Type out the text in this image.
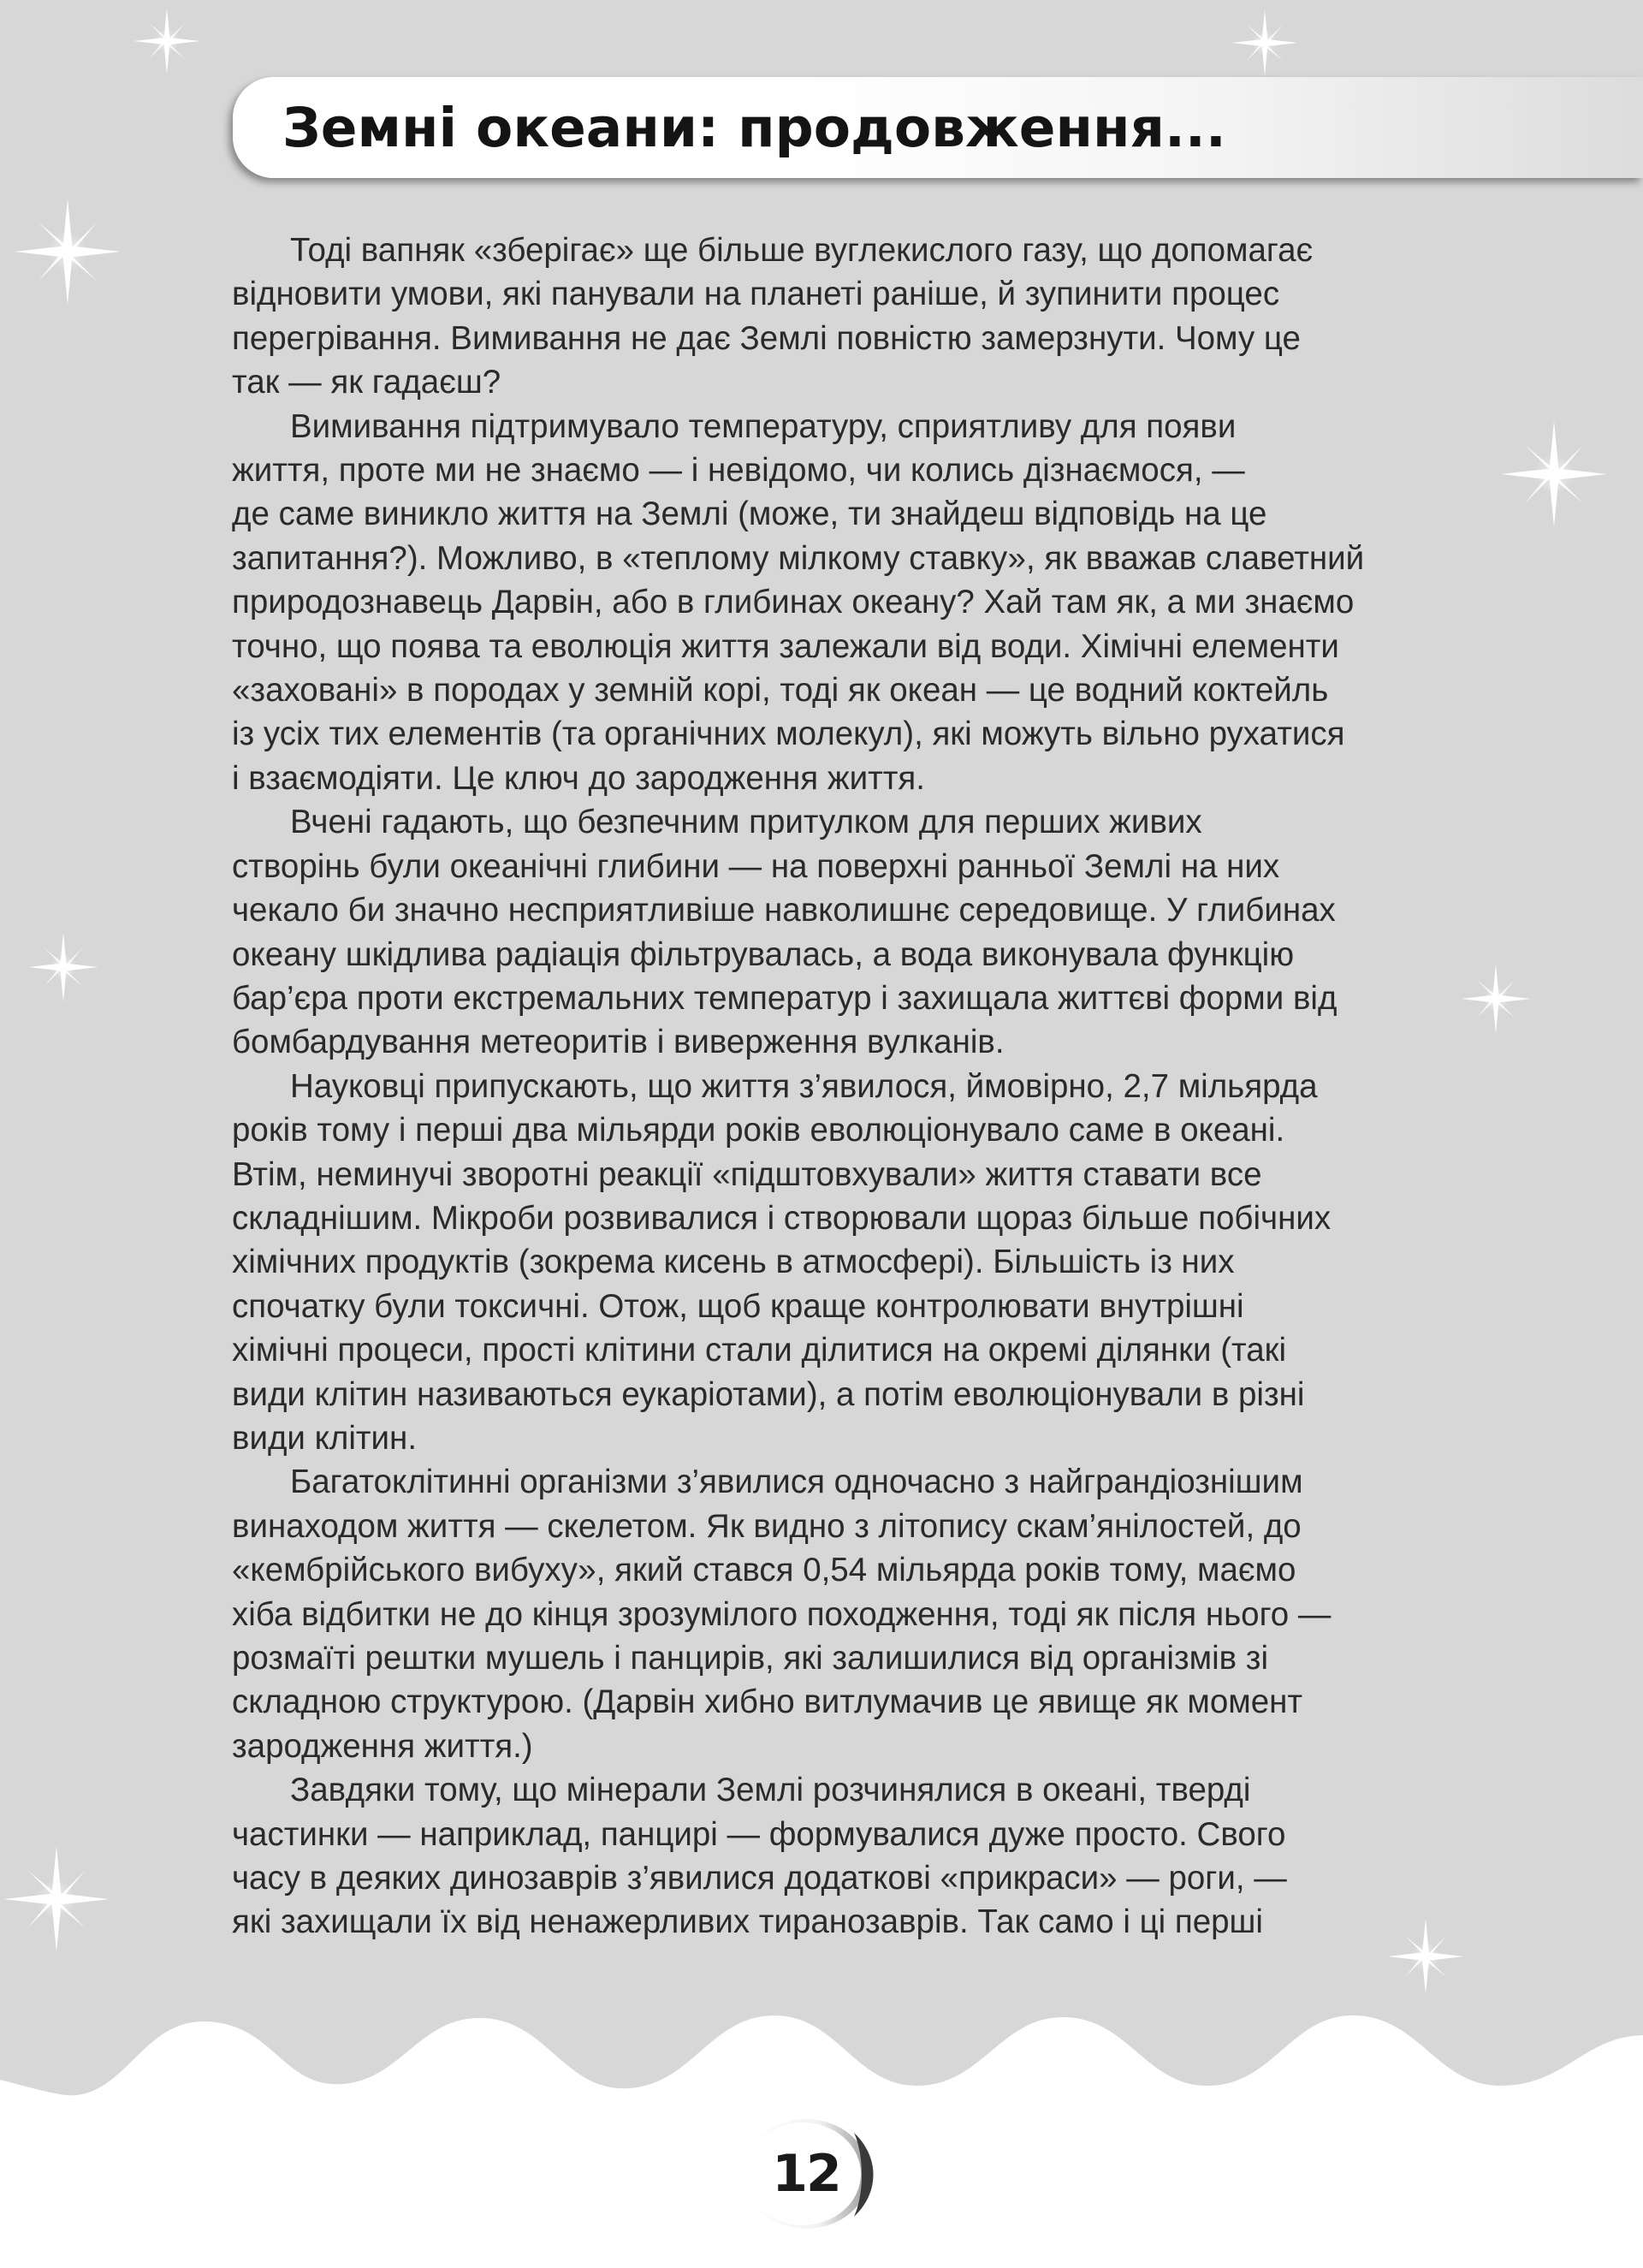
Земні океани: продовження...

Тоді вапняк «зберігає» ще більше вуглекислого газу, що допомагає
відновити умови, які панували на планеті раніше, й зупинити процес
перегрівання. Вимивання не дає Землі повністю замерзнути. Чому це
так — як гадаєш?

Вимивання підтримувало температуру, сприятливу для появи
життя, проте ми не знаємо — і невідомо, чи колись дізнаємося, —
де саме виникло життя на Землі (може, ти знайдеш відповідь на це
запитання?). Можливо, в «теплому мілкому ставку», як вважав славетний
природознавець Дарвін, або в глибинах океану? Хай там як, а ми знаємо
точно, що поява та еволюція життя залежали від води. Хімічні елементи
«заховані» в породах у земній корі, тоді як океан — це водний коктейль
із усіх тих елементів (та органічних молекул), які можуть вільно рухатися
і взаємодіяти. Це ключ до зародження життя.

Вчені гадають, що безпечним притулком для перших живих
створінь були океанічні глибини — на поверхні ранньої Землі на них
чекало би значно несприятливіше навколишнє середовище. У глибинах
океану шкідлива радіація фільтрувалась, а вода виконувала функцію
бар’єра проти екстремальних температур і захищала життєві форми від
бомбардування метеоритів і виверження вулканів.

Науковці припускають, що життя з’явилося, ймовірно, 2,7 мільярда
років тому і перші два мільярди років еволюціонувало саме в океані.
Втім, неминучі зворотні реакції «підштовхували» життя ставати все
складнішим. Мікроби розвивалися і створювали щораз більше побічних
хімічних продуктів (зокрема кисень в атмосфері). Більшість із них
спочатку були токсичні. Отож, щоб краще контролювати внутрішні
хімічні процеси, прості клітини стали ділитися на окремі ділянки (такі
види клітин називаються еукаріотами), а потім еволюціонували в різні
види клітин.

Багатоклітинні організми з’явилися одночасно з найграндіознішим
винаходом життя — скелетом. Як видно з літопису скам’янілостей, до
«кембрійського вибуху», який стався 0,54 мільярда років тому, маємо
хіба відбитки не до кінця зрозумілого походження, тоді як після нього —
розмаїті рештки мушель і панцирів, які залишилися від організмів зі
складною структурою. (Дарвін хибно витлумачив це явище як момент
зародження життя.)

Завдяки тому, що мінерали Землі розчинялися в океані, тверді
частинки — наприклад, панцирі — формувалися дуже просто. Свого
часу в деяких динозаврів з’явилися додаткові «прикраси» — роги, —
які захищали їх від ненажерливих тиранозаврів. Так само і ці перші

12
